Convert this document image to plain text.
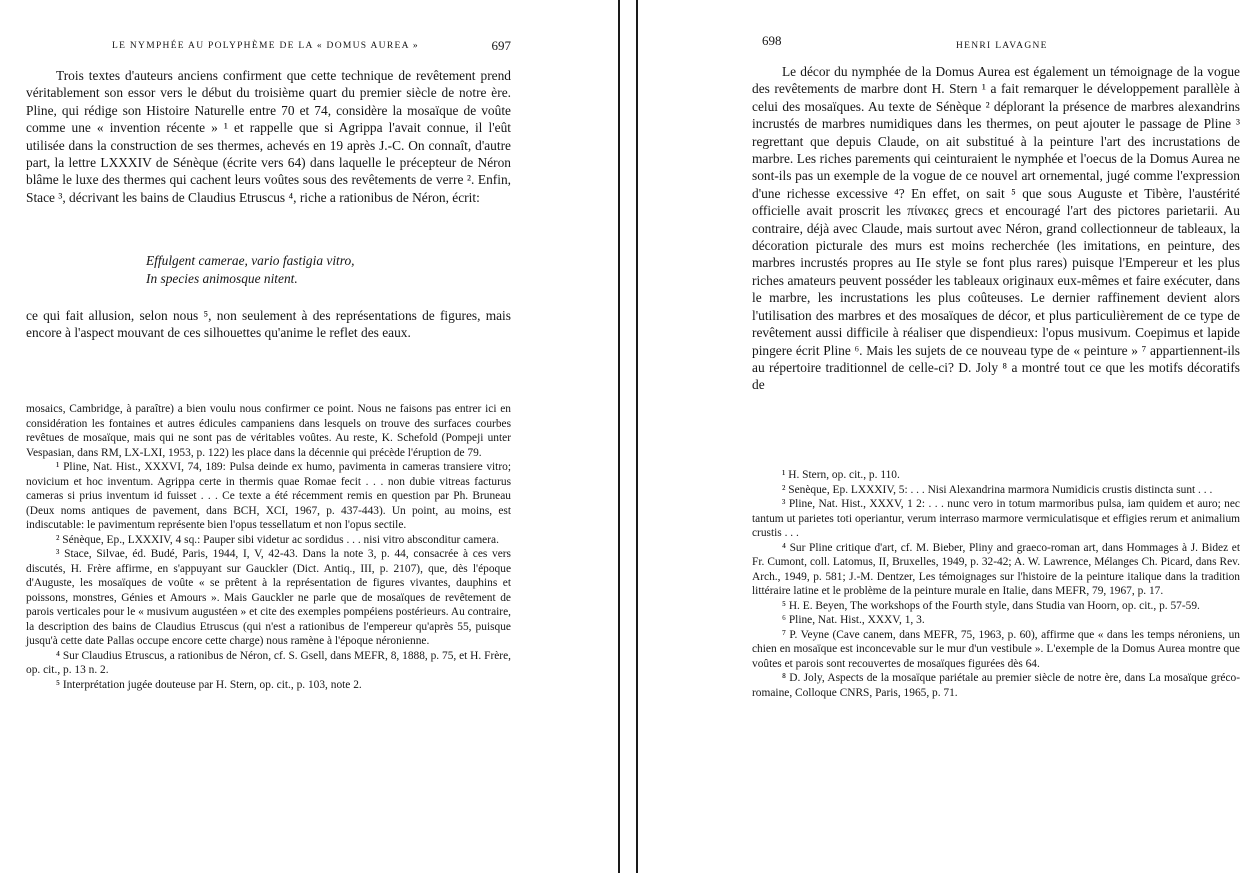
LE NYMPHÉE AU POLYPHÈME DE LA « DOMUS AUREA »	697

Trois textes d'auteurs anciens confirment que cette technique de revêtement prend véritablement son essor vers le début du troisième quart du premier siècle de notre ère. Pline, qui rédige son Histoire Naturelle entre 70 et 74, considère la mosaïque de voûte comme une « invention récente » ¹ et rappelle que si Agrippa l'avait connue, il l'eût utilisée dans la construction de ses thermes, achevés en 19 après J.-C. On connaît, d'autre part, la lettre LXXXIV de Sénèque (écrite vers 64) dans laquelle le précepteur de Néron blâme le luxe des thermes qui cachent leurs voûtes sous des revêtements de verre ². Enfin, Stace ³, décrivant les bains de Claudius Etruscus ⁴, riche a rationibus de Néron, écrit:

Effulgent camerae, vario fastigia vitro,
In species animosque nitent.

ce qui fait allusion, selon nous ⁵, non seulement à des représentations de figures, mais encore à l'aspect mouvant de ces silhouettes qu'anime le reflet des eaux.

mosaics, Cambridge, à paraître) a bien voulu nous confirmer ce point. Nous ne faisons pas entrer ici en considération les fontaines et autres édicules campaniens dans lesquels on trouve des surfaces courbes revêtues de mosaïque, mais qui ne sont pas de véritables voûtes. Au reste, K. Schefold (Pompeji unter Vespasian, dans RM, LX-LXI, 1953, p. 122) les place dans la décennie qui précède l'éruption de 79.

¹ Pline, Nat. Hist., XXXVI, 74, 189: Pulsa deinde ex humo, pavimenta in cameras transiere vitro; novicium et hoc inventum. Agrippa certe in thermis quae Romae fecit . . . non dubie vitreas facturus cameras si prius inventum id fuisset . . . Ce texte a été récemment remis en question par Ph. Bruneau (Deux noms antiques de pavement, dans BCH, XCI, 1967, p. 437-443). Un point, au moins, est indiscutable: le pavimentum représente bien l'opus tessellatum et non l'opus sectile.

² Sénèque, Ep., LXXXIV, 4 sq.: Pauper sibi videtur ac sordidus . . . nisi vitro absconditur camera.

³ Stace, Silvae, éd. Budé, Paris, 1944, I, V, 42-43. Dans la note 3, p. 44, consacrée à ces vers discutés, H. Frère affirme, en s'appuyant sur Gauckler (Dict. Antiq., III, p. 2107), que, dès l'époque d'Auguste, les mosaïques de voûte « se prêtent à la représentation de figures vivantes, dauphins et poissons, monstres, Génies et Amours ». Mais Gauckler ne parle que de mosaïques de revêtement de parois verticales pour le « musivum augustéen » et cite des exemples pompéiens postérieurs. Au contraire, la description des bains de Claudius Etruscus (qui n'est a rationibus de l'empereur qu'après 55, puisque jusqu'à cette date Pallas occupe encore cette charge) nous ramène à l'époque néronienne.

⁴ Sur Claudius Etruscus, a rationibus de Néron, cf. S. Gsell, dans MEFR, 8, 1888, p. 75, et H. Frère, op. cit., p. 13 n. 2.

⁵ Interprétation jugée douteuse par H. Stern, op. cit., p. 103, note 2.

698	HENRI LAVAGNE

Le décor du nymphée de la Domus Aurea est également un témoignage de la vogue des revêtements de marbre dont H. Stern ¹ a fait remarquer le développement parallèle à celui des mosaïques. Au texte de Sénèque ² déplorant la présence de marbres alexandrins incrustés de marbres numidiques dans les thermes, on peut ajouter le passage de Pline ³ regrettant que depuis Claude, on ait substitué à la peinture l'art des incrustations de marbre. Les riches parements qui ceinturaient le nymphée et l'oecus de la Domus Aurea ne sont-ils pas un exemple de la vogue de ce nouvel art ornemental, jugé comme l'expression d'une richesse excessive ⁴? En effet, on sait ⁵ que sous Auguste et Tibère, l'austérité officielle avait proscrit les πίνακες grecs et encouragé l'art des pictores parietarii. Au contraire, déjà avec Claude, mais surtout avec Néron, grand collectionneur de tableaux, la décoration picturale des murs est moins recherchée (les imitations, en peinture, des marbres incrustés propres au IIe style se font plus rares) puisque l'Empereur et les plus riches amateurs peuvent posséder les tableaux originaux eux-mêmes et faire exécuter, dans le marbre, les incrustations les plus coûteuses. Le dernier raffinement devient alors l'utilisation des marbres et des mosaïques de décor, et plus particulièrement de ce type de revêtement aussi difficile à réaliser que dispendieux: l'opus musivum. Coepimus et lapide pingere écrit Pline ⁶. Mais les sujets de ce nouveau type de « peinture » ⁷ appartiennent-ils au répertoire traditionnel de celle-ci? D. Joly ⁸ a montré tout ce que les motifs décoratifs de

¹ H. Stern, op. cit., p. 110.

² Senèque, Ep. LXXXIV, 5: . . . Nisi Alexandrina marmora Numidicis crustis distincta sunt . . .

³ Pline, Nat. Hist., XXXV, 1 2: . . . nunc vero in totum marmoribus pulsa, iam quidem et auro; nec tantum ut parietes toti operiantur, verum interraso marmore vermiculatisque et effigies rerum et animalium crustis . . .

⁴ Sur Pline critique d'art, cf. M. Bieber, Pliny and graeco-roman art, dans Hommages à J. Bidez et Fr. Cumont, coll. Latomus, II, Bruxelles, 1949, p. 32-42; A. W. Lawrence, Mélanges Ch. Picard, dans Rev. Arch., 1949, p. 581; J.-M. Dentzer, Les témoignages sur l'histoire de la peinture italique dans la tradition littéraire latine et le problème de la peinture murale en Italie, dans MEFR, 79, 1967, p. 17.

⁵ H. E. Beyen, The workshops of the Fourth style, dans Studia van Hoorn, op. cit., p. 57-59.

⁶ Pline, Nat. Hist., XXXV, 1, 3.

⁷ P. Veyne (Cave canem, dans MEFR, 75, 1963, p. 60), affirme que « dans les temps néroniens, un chien en mosaïque est inconcevable sur le mur d'un vestibule ». L'exemple de la Domus Aurea montre que voûtes et parois sont recouvertes de mosaïques figurées dès 64.

⁸ D. Joly, Aspects de la mosaïque pariétale au premier siècle de notre ère, dans La mosaïque gréco-romaine, Colloque CNRS, Paris, 1965, p. 71.
